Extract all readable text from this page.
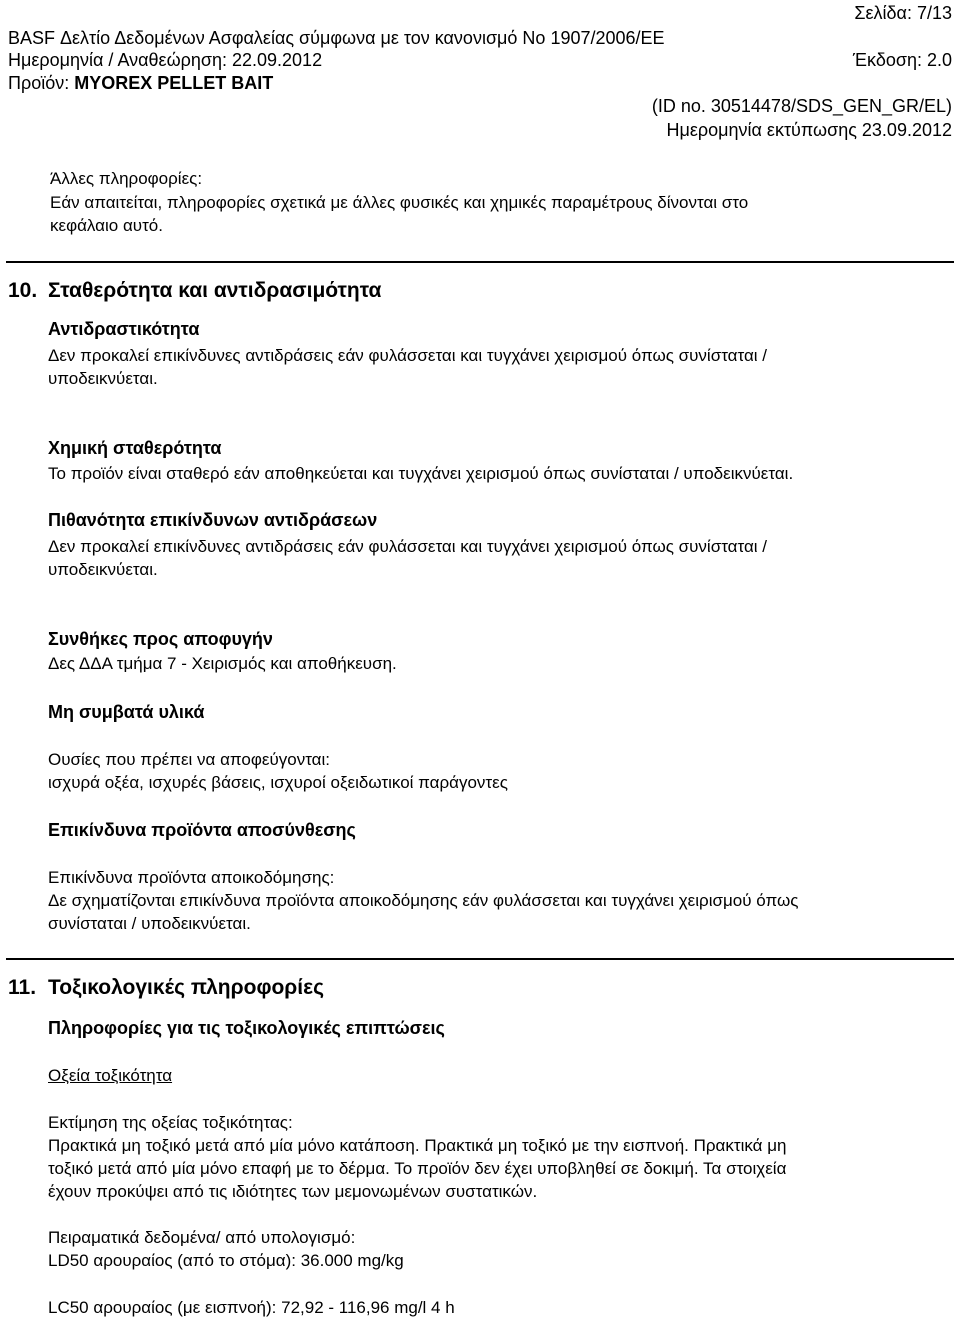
Σελίδα: 7/13
BASF Δελτίο Δεδομένων Ασφαλείας σύμφωνα με τον κανονισμό Νο 1907/2006/ΕΕ
Ημερομηνία / Αναθεώρηση: 22.09.2012	Έκδοση: 2.0
Προϊόν: MYOREX PELLET BAIT
(ID no. 30514478/SDS_GEN_GR/EL)
Ημερομηνία εκτύπωσης 23.09.2012
Άλλες πληροφορίες:
Εάν απαιτείται, πληροφορίες σχετικά με άλλες φυσικές και χημικές παραμέτρους δίνονται στο
κεφάλαιο αυτό.
10. Σταθερότητα και αντιδρασιμότητα
Αντιδραστικότητα
Δεν προκαλεί επικίνδυνες αντιδράσεις εάν φυλάσσεται και τυγχάνει χειρισμού όπως συνίσταται /
υποδεικνύεται.
Χημική σταθερότητα
Το προϊόν είναι σταθερό εάν αποθηκεύεται και τυγχάνει χειρισμού όπως συνίσταται / υποδεικνύεται.
Πιθανότητα επικίνδυνων αντιδράσεων
Δεν προκαλεί επικίνδυνες αντιδράσεις εάν φυλάσσεται και τυγχάνει χειρισμού όπως συνίσταται /
υποδεικνύεται.
Συνθήκες προς αποφυγήν
Δες ΔΔΑ τμήμα 7 - Χειρισμός και αποθήκευση.
Μη συμβατά υλικά
Ουσίες που πρέπει να αποφεύγονται:
ισχυρά οξέα, ισχυρές βάσεις, ισχυροί οξειδωτικοί παράγοντες
Επικίνδυνα προϊόντα αποσύνθεσης
Επικίνδυνα προϊόντα αποικοδόμησης:
Δε σχηματίζονται επικίνδυνα προϊόντα αποικοδόμησης εάν φυλάσσεται και τυγχάνει χειρισμού όπως
συνίσταται / υποδεικνύεται.
11. Τοξικολογικές πληροφορίες
Πληροφορίες για τις τοξικολογικές επιπτώσεις
Οξεία τοξικότητα
Εκτίμηση της οξείας τοξικότητας:
Πρακτικά μη τοξικό μετά από μία μόνο κατάποση. Πρακτικά μη τοξικό με την εισπνοή. Πρακτικά μη
τοξικό μετά από μία μόνο επαφή με το δέρμα. Το προϊόν δεν έχει υποβληθεί σε δοκιμή. Τα στοιχεία
έχουν προκύψει από τις ιδιότητες των μεμονωμένων συστατικών.
Πειραματικά δεδομένα/ από υπολογισμό:
LD50 αρουραίος (από το στόμα): 36.000 mg/kg
LC50 αρουραίος (με εισπνοή): 72,92 - 116,96 mg/l 4 h
